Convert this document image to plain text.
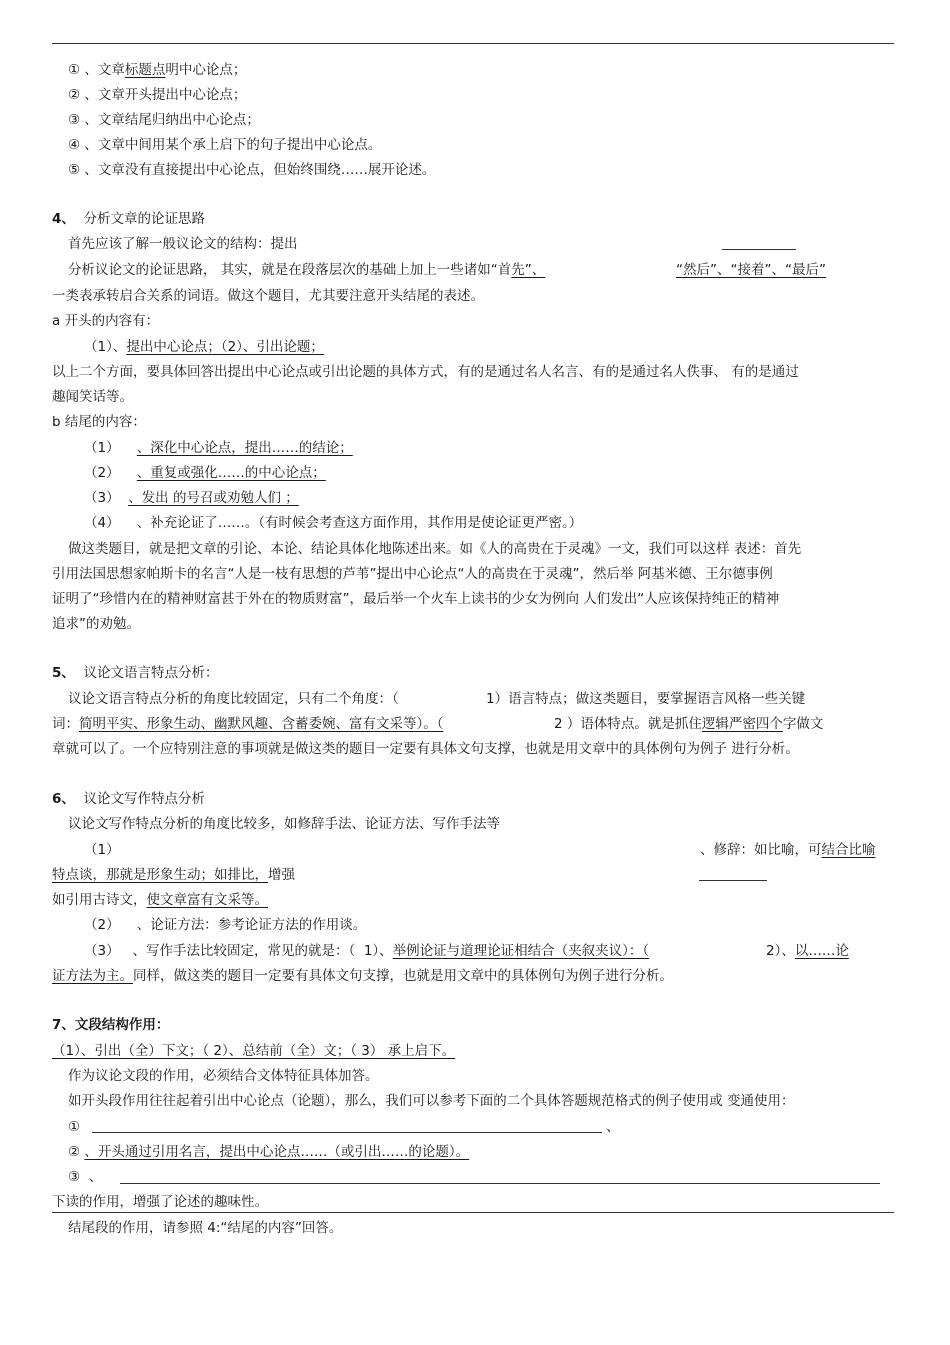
① 、文章标题点明中心论点；
② 、文章开头提出中心论点；
③ 、文章结尾归纳出中心论点；
④ 、文章中间用某个承上启下的句子提出中心论点。
⑤ 、文章没有直接提出中心论点，但始终围绕……展开论述。
4、 分析文章的论证思路
首先应该了解一般议论文的结构：提出
分析议论文的论证思路， 其实，就是在段落层次的基础上加上一些诸如“首先”、	“然后”、“接着”、“最后”
一类表承转启合关系的词语。做这个题目，尤其要注意开头结尾的表述。
a 开头的内容有：
（1）、提出中心论点；（2）、引出论题；
以上二个方面，要具体回答出提出中心论点或引出论题的具体方式，有的是通过名人名言、有的是通过名人佚事、 有的是通过
趣闻笑话等。
b 结尾的内容：
（1） 、深化中心论点，提出……的结论；
（2） 、重复或强化……的中心论点；
（3） 、发出 的号召或劝勉人们 ；
（4） 、补充论证了……。（有时候会考查这方面作用，其作用是使论证更严密。）
做这类题目，就是把文章的引论、本论、结论具体化地陈述出来。如《人的高贵在于灵魂》一文，我们可以这样 表述：首先
引用法国思想家帕斯卡的名言“人是一枝有思想的芦苇”提出中心论点“人的高贵在于灵魂”，然后举 阿基米德、王尔德事例
证明了“珍惜内在的精神财富甚于外在的物质财富”，最后举一个火车上读书的少女为例向 人们发出“人应该保持纯正的精神
追求”的劝勉。
5、 议论文语言特点分析：
议论文语言特点分析的角度比较固定，只有二个角度：（	1）语言特点；做这类题目，要掌握语言风格一些关键
词：简明平实、形象生动、幽默风趣、含蓄委婉、富有文采等）。（	2 ）语体特点。就是抓住逻辑严密四个字做文
章就可以了。一个应特别注意的事项就是做这类的题目一定要有具体文句支撑，也就是用文章中的具体例句为例子 进行分析。
6、 议论文写作特点分析
议论文写作特点分析的角度比较多，如修辞手法、论证方法、写作手法等
（1）	、修辞：如比喻，可结合比喻
特点谈，那就是形象生动；如排比，增强
如引用古诗文，使文章富有文采等。
（2） 、论证方法：参考论证方法的作用谈。
（3） 、写作手法比较固定，常见的就是：（ 1）、举例论证与道理论证相结合（夹叙夹议）：（	2）、以……论
证方法为主。同样，做这类的题目一定要有具体文句支撑，也就是用文章中的具体例句为例子进行分析。
7、文段结构作用：
（1）、引出（全）下文；（ 2）、总结前（全）文；（ 3） 承上启下。
作为议论文段的作用，必须结合文体特征具体加答。
如开头段作用往往起着引出中心论点（论题），那么，我们可以参考下面的二个具体答题规范格式的例子使用或 变通使用：
①	、
② 、开头通过引用名言，提出中心论点……（或引出……的论题）。
③ 、
下读的作用，增强了论述的趣味性。
结尾段的作用，请参照 4:“结尾的内容”回答。
